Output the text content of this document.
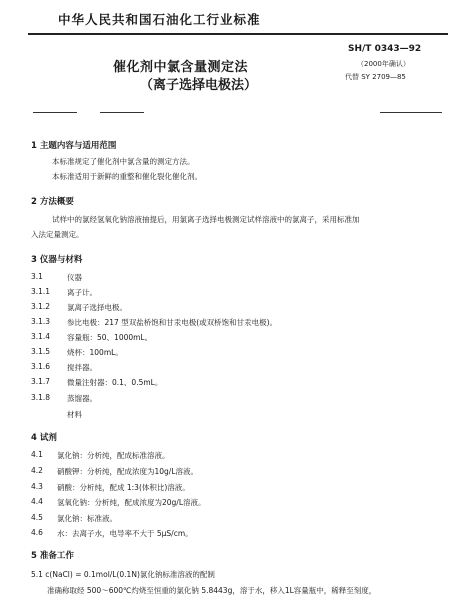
中华人民共和国石油化工行业标准
催化剂中氯含量测定法
（离子选择电极法）
SH/T 0343—92
（2000年确认）
代替 SY 2709—85
1 主题内容与适用范围
本标准规定了催化剂中氯含量的测定方法。
本标准适用于新鲜的重整和催化裂化催化剂。
2 方法概要
试样中的氯经氢氧化钠溶液抽提后，用氯离子选择电极测定试样溶液中的氯离子，采用标准加
入法定量测定。
3 仪器与材料
3.1	仪器
3.1.1 离子计。
3.1.2 氯离子选择电极。
3.1.3 参比电极：217 型双盐桥饱和甘汞电极(或双桥饱和甘汞电极)。
3.1.4 容量瓶：50、1000mL。
3.1.5 烧杯：100mL。
3.1.6 搅拌器。
3.1.7 微量注射器：0.1、0.5mL。
3.1.8 蒸馏器。
材料
4 试剂
4.1 氯化钠：分析纯，配成标准溶液。
4.2 硝酸钾：分析纯，配成浓度为10g/L溶液。
4.3 硝酸：分析纯，配成 1:3(体积比)溶液。
4.4 氢氧化钠：分析纯，配成浓度为20g/L溶液。
4.5 氯化钠：标准液。
4.6 水：去离子水，电导率不大于 5μS/cm。
5 准备工作
5.1 c(NaCl) = 0.1mol/L(0.1N)氯化钠标准溶液的配制
准确称取经 500～600℃灼烧至恒重的氯化钠 5.8443g，溶于水，移入1L容量瓶中，稀释至刻度，
